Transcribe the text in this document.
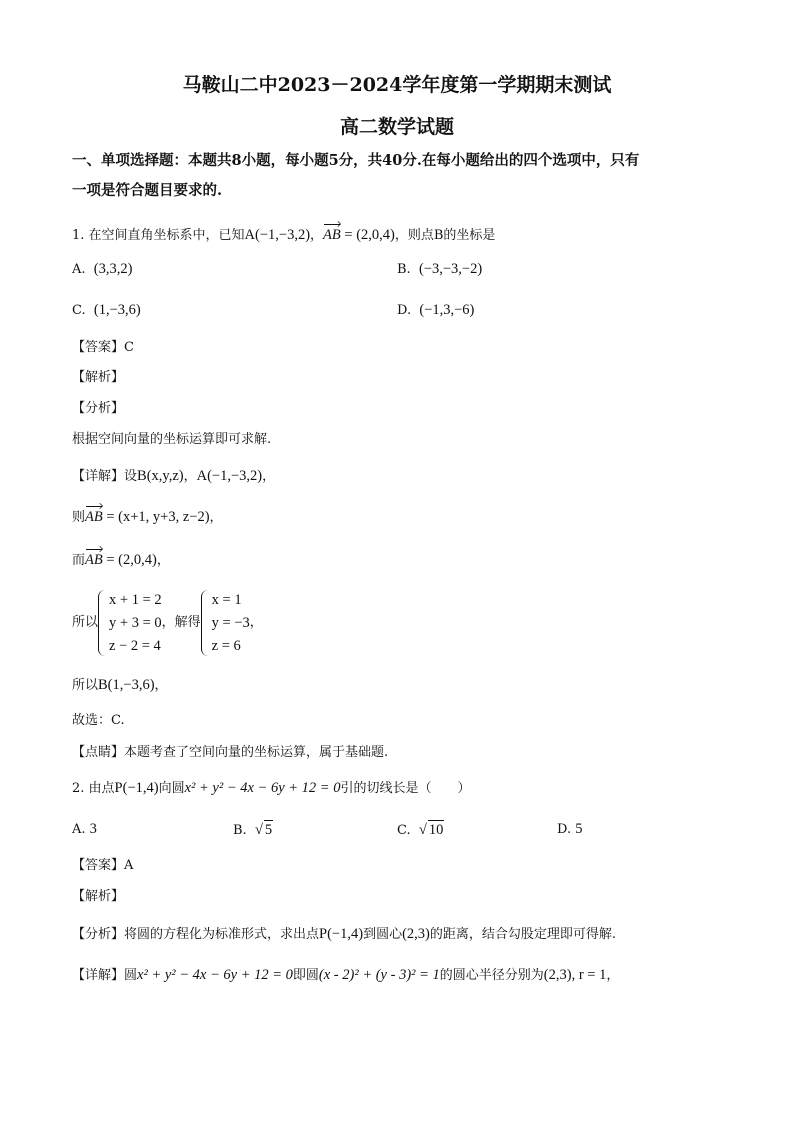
马鞍山二中2023－2024学年度第一学期期末测试
高二数学试题
一、单项选择题：本题共8小题，每小题5分，共40分.在每小题给出的四个选项中，只有
一项是符合题目要求的.
1. 在空间直角坐标系中，已知A(−1,−3,2)，AB = (2,0,4)，则点B的坐标是
A. (3,3,2)	B. (−3,−3,−2)
C. (1,−3,6)	D. (−1,3,−6)
【答案】C
【解析】
【分析】
根据空间向量的坐标运算即可求解.
【详解】设B(x,y,z)，A(−1,−3,2)，
则AB = (x+1, y+3, z−2)，
而AB = (2,0,4)，
所以
x + 1 = 2
y + 3 = 0
z − 2 = 4
，解得
x = 1
y = −3
z = 6
，
所以B(1,−3,6)，
故选：C.
【点睛】本题考查了空间向量的坐标运算，属于基础题.
2. 由点P(−1,4)向圆x² + y² − 4x − 6y + 12 = 0引的切线长是（　　）
A. 3	B. √ 5	C. √ 10	D. 5
【答案】A
【解析】
【分析】将圆的方程化为标准形式，求出点P(−1,4)到圆心(2,3)的距离，结合勾股定理即可得解.
【详解】圆x² + y² − 4x − 6y + 12 = 0即圆(x - 2)² + (y - 3)² = 1的圆心半径分别为(2,3), r = 1，
